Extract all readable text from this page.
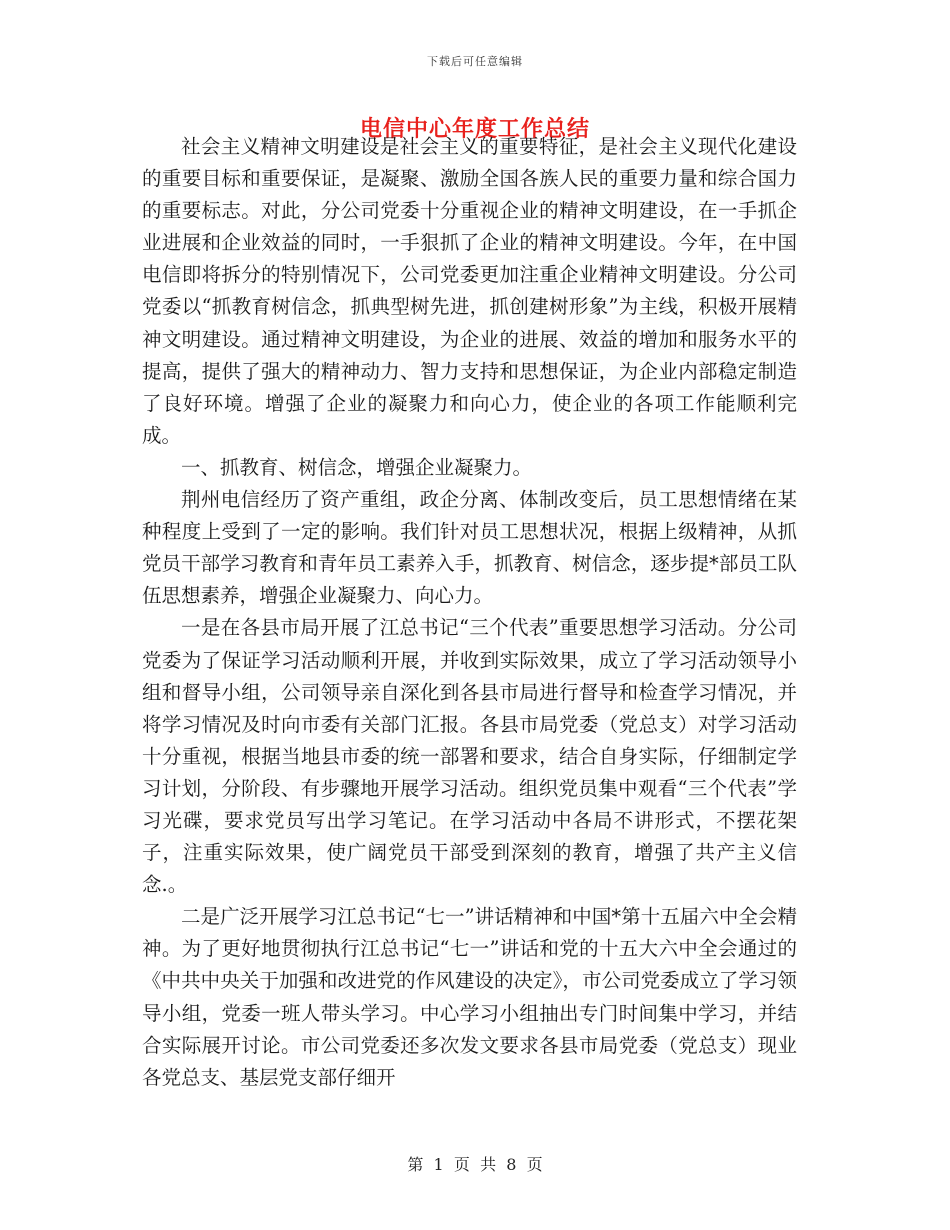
下载后可任意编辑
电信中心年度工作总结

社会主义精神文明建设是社会主义的重要特征，是社会主义现代化建设的重要目标和重要保证，是凝聚、激励全国各族人民的重要力量和综合国力的重要标志。对此，分公司党委十分重视企业的精神文明建设，在一手抓企业进展和企业效益的同时，一手狠抓了企业的精神文明建设。今年，在中国电信即将拆分的特别情况下，公司党委更加注重企业精神文明建设。分公司党委以“抓教育树信念，抓典型树先进，抓创建树形象”为主线，积极开展精神文明建设。通过精神文明建设，为企业的进展、效益的增加和服务水平的提高，提供了强大的精神动力、智力支持和思想保证，为企业内部稳定制造了良好环境。增强了企业的凝聚力和向心力，使企业的各项工作能顺利完成。

一、抓教育、树信念，增强企业凝聚力。

荆州电信经历了资产重组，政企分离、体制改变后，员工思想情绪在某种程度上受到了一定的影响。我们针对员工思想状况，根据上级精神，从抓党员干部学习教育和青年员工素养入手，抓教育、树信念，逐步提*部员工队伍思想素养，增强企业凝聚力、向心力。

一是在各县市局开展了江总书记“三个代表”重要思想学习活动。分公司党委为了保证学习活动顺利开展，并收到实际效果，成立了学习活动领导小组和督导小组，公司领导亲自深化到各县市局进行督导和检查学习情况，并将学习情况及时向市委有关部门汇报。各县市局党委（党总支）对学习活动十分重视，根据当地县市委的统一部署和要求，结合自身实际，仔细制定学习计划，分阶段、有步骤地开展学习活动。组织党员集中观看“三个代表”学习光碟，要求党员写出学习笔记。在学习活动中各局不讲形式，不摆花架子，注重实际效果，使广阔党员干部受到深刻的教育，增强了共产主义信念.。

二是广泛开展学习江总书记“七一”讲话精神和中国*第十五届六中全会精神。为了更好地贯彻执行江总书记“七一”讲话和党的十五大六中全会通过的《中共中央关于加强和改进党的作风建设的决定》，市公司党委成立了学习领导小组，党委一班人带头学习。中心学习小组抽出专门时间集中学习，并结合实际展开讨论。市公司党委还多次发文要求各县市局党委（党总支）现业各党总支、基层党支部仔细开

第  1  页  共  8  页
